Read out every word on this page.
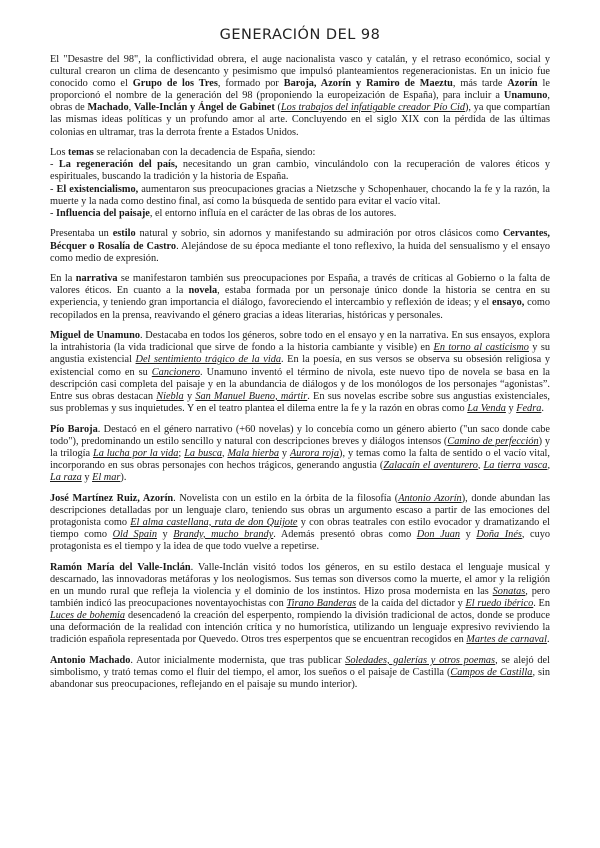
GENERACIÓN DEL 98

El "Desastre del 98", la conflictividad obrera, el auge nacionalista vasco y catalán, y el retraso económico, social y cultural crearon un clima de desencanto y pesimismo que impulsó planteamientos regeneracionistas. En un inicio fue conocido como el Grupo de los Tres, formado por Baroja, Azorín y Ramiro de Maeztu, más tarde Azorín le proporcionó el nombre de la generación del 98 (proponiendo la europeización de España), para incluir a Unamuno, obras de Machado, Valle-Inclán y Ángel de Gabinet (Los trabajos del infatigable creador Pío Cid), ya que compartían las mismas ideas políticas y un profundo amor al arte. Concluyendo en el siglo XIX con la pérdida de las últimas colonias en ultramar, tras la derrota frente a Estados Unidos.

Los temas se relacionaban con la decadencia de España, siendo:
- La regeneración del país, necesitando un gran cambio, vinculándolo con la recuperación de valores éticos y espirituales, buscando la tradición y la historia de España.
- El existencialismo, aumentaron sus preocupaciones gracias a Nietzsche y Schopenhauer, chocando la fe y la razón, la muerte y la nada como destino final, así como la búsqueda de sentido para evitar el vacío vital.
- Influencia del paisaje, el entorno influía en el carácter de las obras de los autores.

Presentaba un estilo natural y sobrio, sin adornos y manifestando su admiración por otros clásicos como Cervantes, Bécquer o Rosalía de Castro. Alejándose de su época mediante el tono reflexivo, la huida del sensualismo y el ensayo como medio de expresión.

En la narrativa se manifestaron también sus preocupaciones por España, a través de críticas al Gobierno o la falta de valores éticos. En cuanto a la novela, estaba formada por un personaje único donde la historia se centra en su experiencia, y teniendo gran importancia el diálogo, favoreciendo el intercambio y reflexión de ideas; y el ensayo, como recopilados en la prensa, reavivando el género gracias a ideas literarias, históricas y personales.

Miguel de Unamuno. Destacaba en todos los géneros, sobre todo en el ensayo y en la narrativa. En sus ensayos, explora la intrahistoria (la vida tradicional que sirve de fondo a la historia cambiante y visible) en En torno al casticismo y su angustia existencial Del sentimiento trágico de la vida. En la poesía, en sus versos se observa su obsesión religiosa y existencial como en su Cancionero. Unamuno inventó el término de nivola, este nuevo tipo de novela se basa en la descripción casi completa del paisaje y en la abundancia de diálogos y de los monólogos de los personajes “agonistas”. Entre sus obras destacan Niebla y San Manuel Bueno, mártir. En sus novelas escribe sobre sus angustias existenciales, sus problemas y sus inquietudes. Y en el teatro plantea el dilema entre la fe y la razón en obras como La Venda y Fedra.

Pío Baroja. Destacó en el género narrativo (+60 novelas) y lo concebía como un género abierto ("un saco donde cabe todo"), predominando un estilo sencillo y natural con descripciones breves y diálogos intensos (Camino de perfección) y la trilogía La lucha por la vida; La busca, Mala hierba y Aurora roja), y temas como la falta de sentido o el vacío vital, incorporando en sus obras personajes con hechos trágicos, generando angustia (Zalacaín el aventurero, La tierra vasca, La raza y El mar).

José Martínez Ruiz, Azorín. Novelista con un estilo en la órbita de la filosofía (Antonio Azorín), donde abundan las descripciones detalladas por un lenguaje claro, teniendo sus obras un argumento escaso a partir de las emociones del protagonista como El alma castellana, ruta de don Quijote y con obras teatrales con estilo evocador y dramatizando el tiempo como Old Spain y Brandy, mucho brandy. Además presentó obras como Don Juan y Doña Inés, cuyo protagonista es el tiempo y la idea de que todo vuelve a repetirse.

Ramón María del Valle-Inclán. Valle-Inclán visitó todos los géneros, en su estilo destaca el lenguaje musical y descarnado, las innovadoras metáforas y los neologismos. Sus temas son diversos como la muerte, el amor y la religión en un mundo rural que refleja la violencia y el dominio de los instintos. Hizo prosa modernista en las Sonatas, pero también indicó las preocupaciones noventayochistas con Tirano Banderas de la caída del dictador y El ruedo ibérico. En Luces de bohemia desencadenó la creación del esperpento, rompiendo la división tradicional de actos, donde se produce una deformación de la realidad con intención crítica y no humorística, utilizando un lenguaje expresivo reviviendo la tradición española representada por Quevedo. Otros tres esperpentos que se encuentran recogidos en Martes de carnaval.

Antonio Machado. Autor inicialmente modernista, que tras publicar Soledades, galerías y otros poemas, se alejó del simbolismo, y trató temas como el fluir del tiempo, el amor, los sueños o el paisaje de Castilla (Campos de Castilla, sin abandonar sus preocupaciones, reflejando en el paisaje su mundo interior).
